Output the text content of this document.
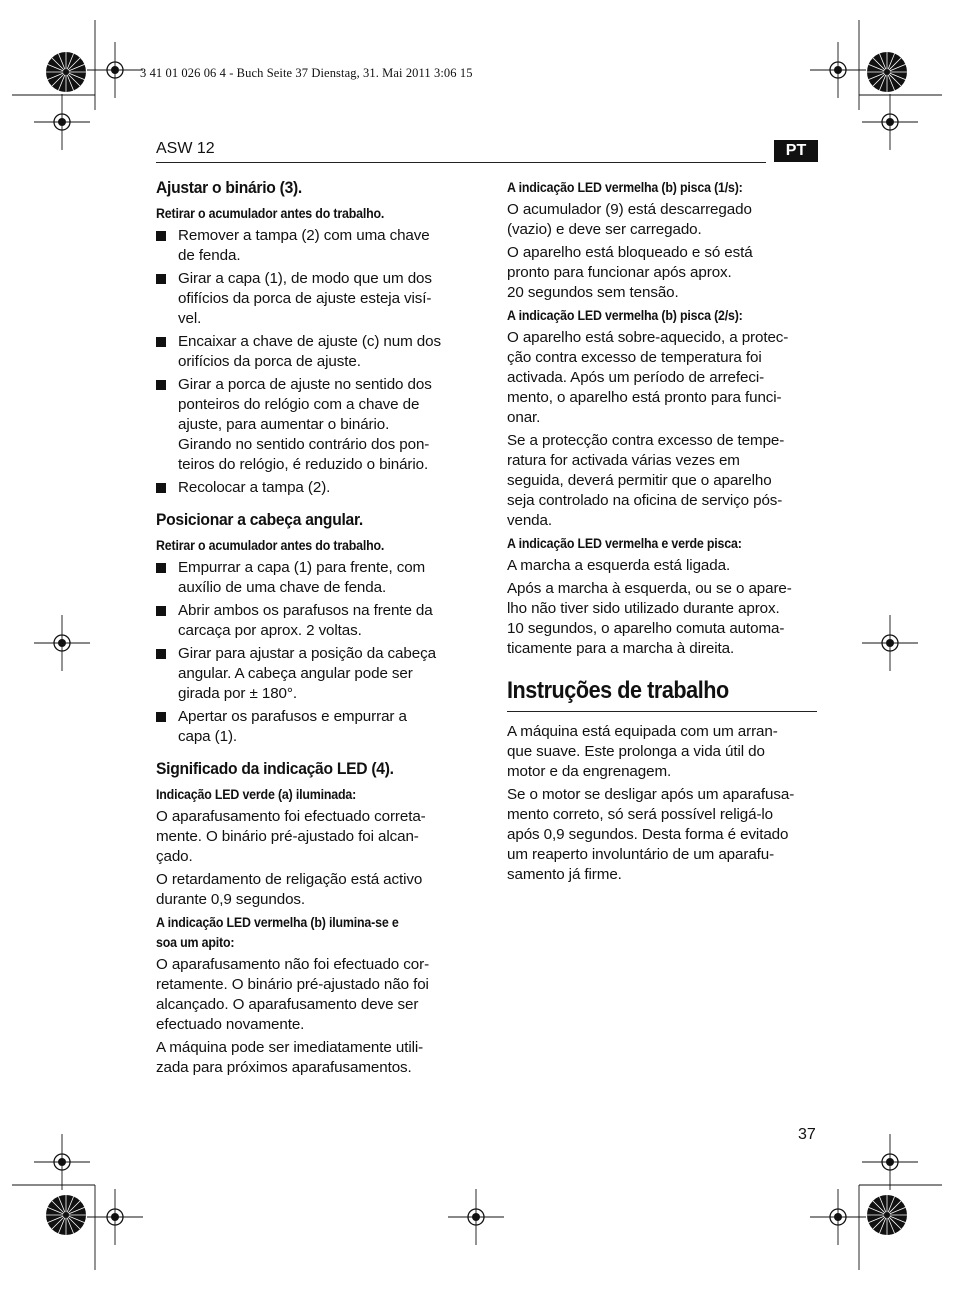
3 41 01 026 06 4 - Buch Seite 37 Dienstag, 31. Mai 2011 3:06 15
ASW 12	PT
Ajustar o binário (3).
Retirar o acumulador antes do trabalho.
Remover a tampa (2) com uma chave
de fenda.
Girar a capa (1), de modo que um dos
ofifícios da porca de ajuste esteja visí-
vel.
Encaixar a chave de ajuste (c) num dos
orifícios da porca de ajuste.
Girar a porca de ajuste no sentido dos
ponteiros do relógio com a chave de
ajuste, para aumentar o binário.
Girando no sentido contrário dos pon-
teiros do relógio, é reduzido o binário.
Recolocar a tampa (2).
Posicionar a cabeça angular.
Retirar o acumulador antes do trabalho.
Empurrar a capa (1) para frente, com
auxílio de uma chave de fenda.
Abrir ambos os parafusos na frente da
carcaça por aprox. 2 voltas.
Girar para ajustar a posição da cabeça
angular. A cabeça angular pode ser
girada por ± 180°.
Apertar os parafusos e empurrar a
capa (1).
Significado da indicação LED (4).
Indicação LED verde (a) iluminada:
O aparafusamento foi efectuado correta-
mente. O binário pré-ajustado foi alcan-
çado.
O retardamento de religação está activo
durante 0,9 segundos.
A indicação LED vermelha (b) ilumina-se e
soa um apito:
O aparafusamento não foi efectuado cor-
retamente. O binário pré-ajustado não foi
alcançado. O aparafusamento deve ser
efectuado novamente.
A máquina pode ser imediatamente utili-
zada para próximos aparafusamentos.
A indicação LED vermelha (b) pisca (1/s):
O acumulador (9) está descarregado
(vazio) e deve ser carregado.
O aparelho está bloqueado e só está
pronto para funcionar após aprox.
20 segundos sem tensão.
A indicação LED vermelha (b) pisca (2/s):
O aparelho está sobre-aquecido, a protec-
ção contra excesso de temperatura foi
activada. Após um período de arrefeci-
mento, o aparelho está pronto para funci-
onar.
Se a protecção contra excesso de tempe-
ratura for activada várias vezes em
seguida, deverá permitir que o aparelho
seja controlado na oficina de serviço pós-
venda.
A indicação LED vermelha e verde pisca:
A marcha a esquerda está ligada.
Após a marcha à esquerda, ou se o apare-
lho não tiver sido utilizado durante aprox.
10 segundos, o aparelho comuta automa-
ticamente para a marcha à direita.
Instruções de trabalho
A máquina está equipada com um arran-
que suave. Este prolonga a vida útil do
motor e da engrenagem.
Se o motor se desligar após um aparafusa-
mento correto, só será possível religá-lo
após 0,9 segundos. Desta forma é evitado
um reaperto involuntário de um aparafu-
samento já firme.
37
